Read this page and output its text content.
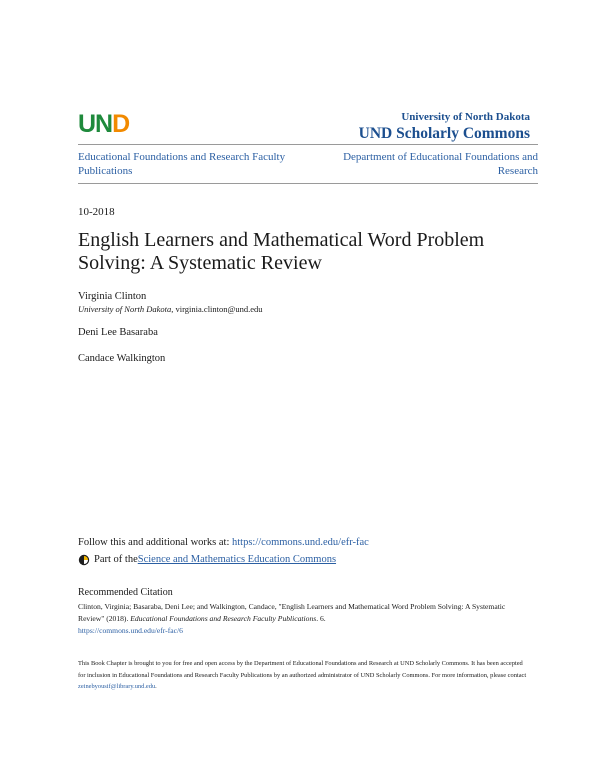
UND	University of North Dakota
UND Scholarly Commons
Educational Foundations and Research Faculty Publications
Department of Educational Foundations and Research
10-2018
English Learners and Mathematical Word Problem Solving: A Systematic Review
Virginia Clinton
University of North Dakota, virginia.clinton@und.edu
Deni Lee Basaraba
Candace Walkington
Follow this and additional works at: https://commons.und.edu/efr-fac
Part of the Science and Mathematics Education Commons
Recommended Citation
Clinton, Virginia; Basaraba, Deni Lee; and Walkington, Candace, "English Learners and Mathematical Word Problem Solving: A Systematic Review" (2018). Educational Foundations and Research Faculty Publications. 6.
https://commons.und.edu/efr-fac/6
This Book Chapter is brought to you for free and open access by the Department of Educational Foundations and Research at UND Scholarly Commons. It has been accepted for inclusion in Educational Foundations and Research Faculty Publications by an authorized administrator of UND Scholarly Commons. For more information, please contact zeinebyousif@library.und.edu.
